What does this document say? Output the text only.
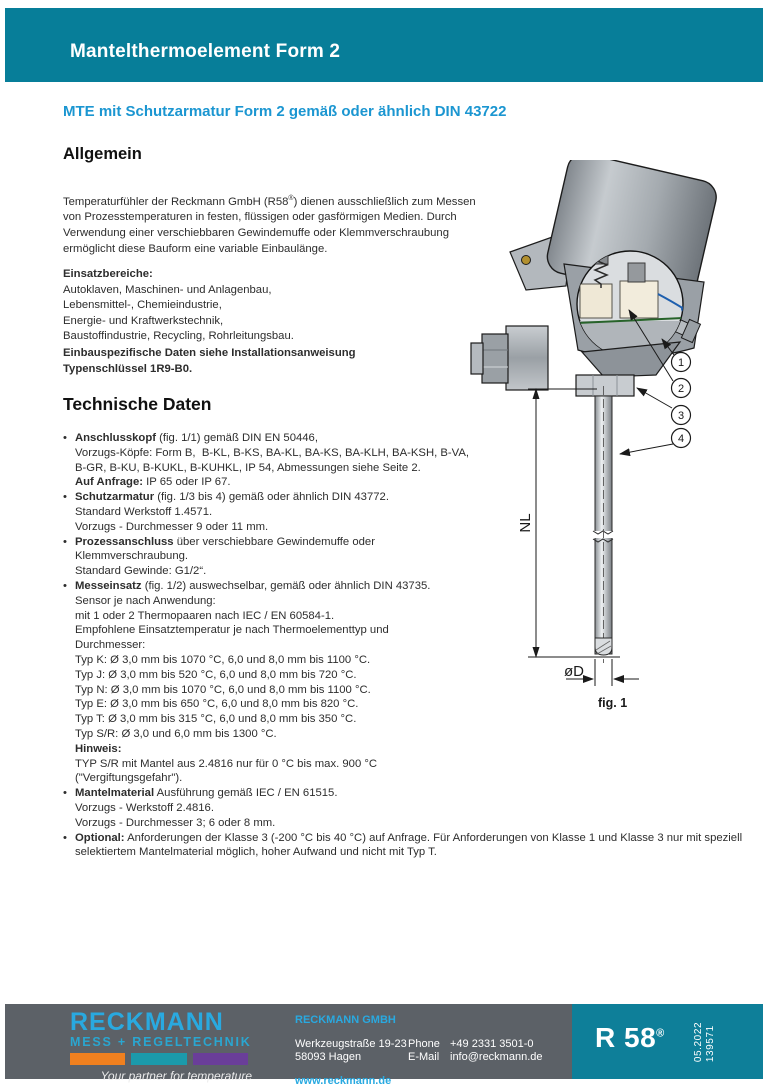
Mantelthermoelement Form 2
MTE mit Schutzarmatur Form 2 gemäß oder ähnlich DIN 43722
Allgemein
Temperaturfühler der Reckmann GmbH (R58®) dienen ausschließlich zum Messen
von Prozesstemperaturen in festen, flüssigen oder gasförmigen Medien. Durch
Verwendung einer verschiebbaren Gewindemuffe oder Klemmverschraubung
ermöglicht diese Bauform eine variable Einbaulänge.
Einsatzbereiche:
Autoklaven, Maschinen- und Anlagenbau,
Lebensmittel-, Chemieindustrie,
Energie- und Kraftwerkstechnik,
Baustoffindustrie, Recycling, Rohrleitungsbau.
Einbauspezifische Daten siehe Installationsanweisung
Typenschlüssel 1R9-B0.
Technische Daten
• Anschlusskopf (fig. 1/1) gemäß DIN EN 50446,
Vorzugs-Köpfe: Form B,  B-KL, B-KS, BA-KL, BA-KS, BA-KLH, BA-KSH, B-VA,
B-GR, B-KU, B-KUKL, B-KUHKL, IP 54, Abmessungen siehe Seite 2.
Auf Anfrage: IP 65 oder IP 67.
• Schutzarmatur (fig. 1/3 bis 4) gemäß oder ähnlich DIN 43772.
Standard Werkstoff 1.4571.
Vorzugs - Durchmesser 9 oder 11 mm.
• Prozessanschluss über verschiebbare Gewindemuffe oder
Klemmverschraubung.
Standard Gewinde: G1/2“.
• Messeinsatz (fig. 1/2) auswechselbar, gemäß oder ähnlich DIN 43735.
Sensor je nach Anwendung:
mit 1 oder 2 Thermopaaren nach IEC / EN 60584-1.
Empfohlene Einsatztemperatur je nach Thermoelementtyp und
Durchmesser:
Typ K: Ø 3,0 mm bis 1070 °C, 6,0 und 8,0 mm bis 1100 °C.
Typ J: Ø 3,0 mm bis 520 °C, 6,0 und 8,0 mm bis 720 °C.
Typ N: Ø 3,0 mm bis 1070 °C, 6,0 und 8,0 mm bis 1100 °C.
Typ E: Ø 3,0 mm bis 650 °C, 6,0 und 8,0 mm bis 820 °C.
Typ T: Ø 3,0 mm bis 315 °C, 6,0 und 8,0 mm bis 350 °C.
Typ S/R: Ø 3,0 und 6,0 mm bis 1300 °C.
Hinweis:
TYP S/R mit Mantel aus 2.4816 nur für 0 °C bis max. 900 °C
("Vergiftungsgefahr").
• Mantelmaterial Ausführung gemäß IEC / EN 61515.
Vorzugs - Werkstoff 2.4816.
Vorzugs - Durchmesser 3; 6 oder 8 mm.
• Optional: Anforderungen der Klasse 3 (-200 °C bis 40 °C) auf Anfrage. Für Anforderungen von Klasse 1 und Klasse 3 nur mit speziell
selektiertem Mantelmaterial möglich, hoher Aufwand und nicht mit Typ T.
NL
øD
1
2
3
4
fig. 1
RECKMANN
MESS + REGELTECHNIK
Your partner for temperature
RECKMANN GMBH
Werkzeugstraße 19-23
58093 Hagen
Phone +49 2331 3501-0
E-Mail info@reckmann.de
www.reckmann.de
R 58®	05.2022 139571
